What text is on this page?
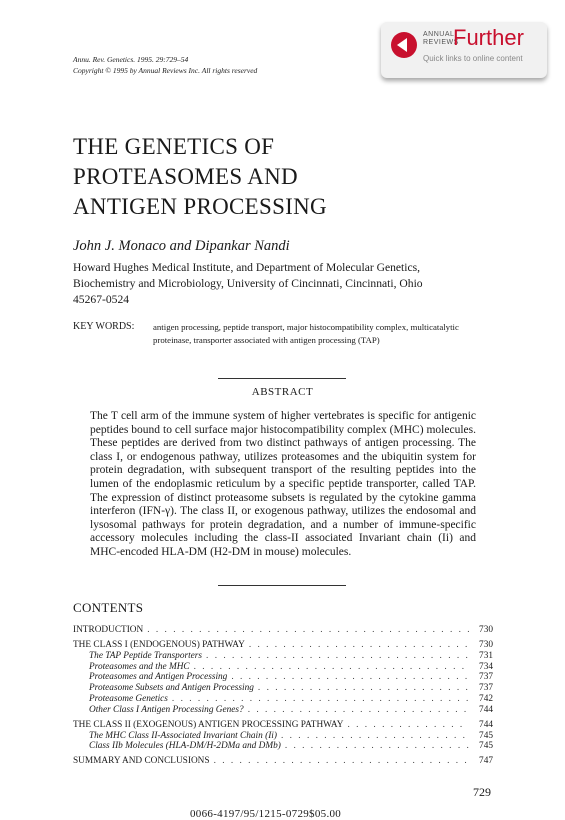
ANNUAL
REVIEWS
Further
Quick links to online content
Annu. Rev. Genetics. 1995. 29:729–54
Copyright © 1995 by Annual Reviews Inc. All rights reserved
THE GENETICS OF
PROTEASOMES AND
ANTIGEN PROCESSING
John J. Monaco and Dipankar Nandi
Howard Hughes Medical Institute, and Department of Molecular Genetics,
Biochemistry and Microbiology, University of Cincinnati, Cincinnati, Ohio
45267-0524
KEY WORDS: antigen processing, peptide transport, major histocompatibility complex, multicatalytic proteinase, transporter associated with antigen processing (TAP)
ABSTRACT
The T cell arm of the immune system of higher vertebrates is specific for antigenic peptides bound to cell surface major histocompatibility complex (MHC) molecules. These peptides are derived from two distinct pathways of antigen processing. The class I, or endogenous pathway, utilizes proteasomes and the ubiquitin system for protein degradation, with subsequent transport of the resulting peptides into the lumen of the endoplasmic reticulum by a specific peptide transporter, called TAP. The expression of distinct proteasome subsets is regulated by the cytokine gamma interferon (IFN-γ). The class II, or exogenous pathway, utilizes the endosomal and lysosomal pathways for protein degradation, and a number of immune-specific accessory molecules including the class-II associated Invariant chain (Ii) and MHC-encoded HLA-DM (H2-DM in mouse) molecules.
CONTENTS
INTRODUCTION . . .	730
THE CLASS I (ENDOGENOUS) PATHWAY . . .	730
The TAP Peptide Transporters . . .	731
Proteasomes and the MHC . . .	734
Proteasomes and Antigen Processing . . .	737
Proteasome Subsets and Antigen Processing . . .	737
Proteasome Genetics . . .	742
Other Class I Antigen Processing Genes? . . .	744
THE CLASS II (EXOGENOUS) ANTIGEN PROCESSING PATHWAY . . .	744
The MHC Class II-Associated Invariant Chain (Ii) . . .	745
Class IIb Molecules (HLA-DM/H-2DMa and DMb) . . .	745
SUMMARY AND CONCLUSIONS . . .	747
729
0066-4197/95/1215-0729$05.00
